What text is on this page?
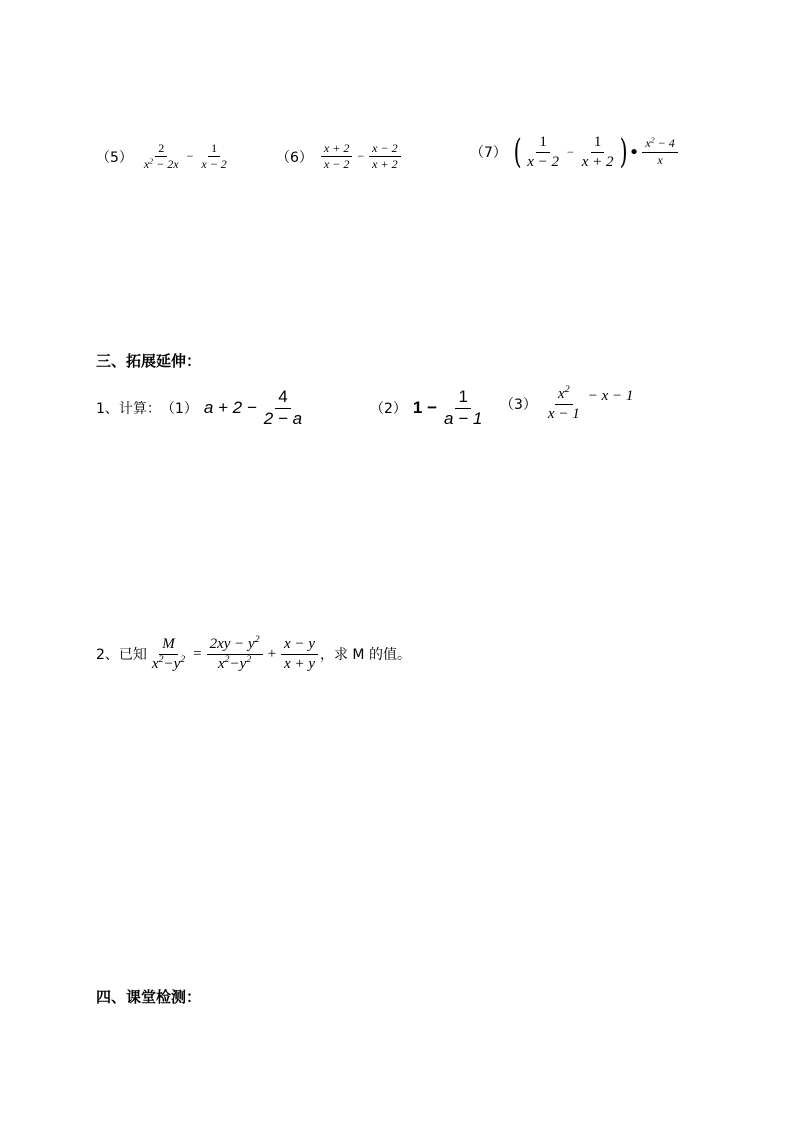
$(5) \frac{2}{x^2 - 2x} - \frac{1}{x - 2}$	$(6) \frac{x + 2}{x - 2} - \frac{x - 2}{x + 2}$	（7） ( $\frac{1}{x - 2} - \frac{1}{x + 2}$ ) • $\frac{x^2 - 4}{x}$
三、拓展延伸：
1、计算： （1） $a + 2 - \frac{4}{2 - a}$	（2） $1 - \frac{1}{a - 1} (3) \frac{x^2}{x - 1} - x - 1$
2、已知 $\frac{M}{x^2-y^2} = \frac{2xy - y^2}{x^2-y^2} + \frac{x - y}{x + y}$ ，求 M 的值。
四、课堂检测：
